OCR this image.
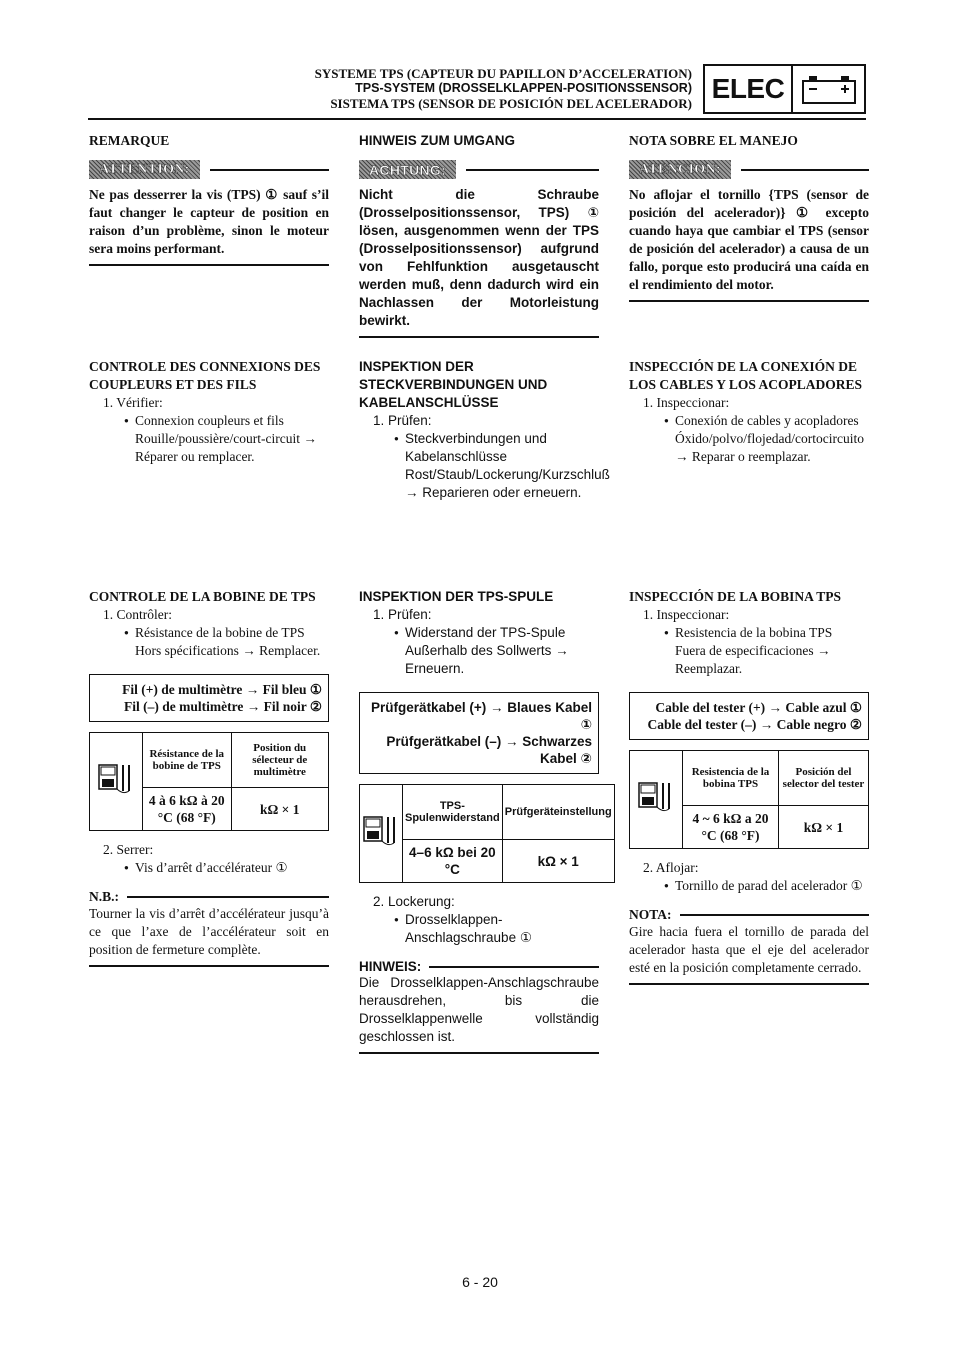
SYSTEME TPS (CAPTEUR DU PAPILLON D’ACCELERATION)
TPS-SYSTEM (DROSSELKLAPPEN-POSITIONSSENSOR)
SISTEMA TPS (SENSOR DE POSICIÓN DEL ACELERADOR) ELEC
REMARQUE
ATTENTION:
Ne pas desserrer la vis (TPS) ① sauf s’il faut changer le capteur de position en raison d’un problème, sinon le moteur sera moins performant.
CONTROLE DES CONNEXIONS DES COUPLEURS ET DES FILS
1. Vérifier:
● Connexion coupleurs et fils
Rouille/poussière/court-circuit → Réparer ou remplacer.
CONTROLE DE LA BOBINE DE TPS
1. Contrôler:
● Résistance de la bobine de TPS
Hors spécifications → Remplacer.
Fil (+) de multimètre → Fil bleu ①
Fil (–) de multimètre → Fil noir ②
	Résistance de la bobine de TPS	Position du sélecteur de multimètre
	4 à 6 kΩ à 20 °C (68 °F)	kΩ × 1
2. Serrer:
● Vis d’arrêt d’accélérateur ①
N.B.:
Tourner la vis d’arrêt d’accélérateur jusqu’à ce que l’axe de l’accélérateur soit en position de fermeture complète.
HINWEIS ZUM UMGANG
ACHTUNG:
Nicht die Schraube (Drosselpositionssensor, TPS) ① lösen, ausgenommen wenn der TPS (Drosselpositionssensor) aufgrund von Fehlfunktion ausgetauscht werden muß, denn dadurch wird ein Nachlassen der Motorleistung bewirkt.
INSPEKTION DER STECKVERBINDUNGEN UND KABELANSCHLÜSSE
1. Prüfen:
● Steckverbindungen und Kabelanschlüsse
Rost/Staub/Lockerung/Kurzschluß → Reparieren oder erneuern.
INSPEKTION DER TPS-SPULE
1. Prüfen:
● Widerstand der TPS-Spule
Außerhalb des Sollwerts → Erneuern.
Prüfgerätkabel (+) → Blaues Kabel ①
Prüfgerätkabel (–) → Schwarzes Kabel ②
	TPS-Spulenwiderstand	Prüfgeräteinstellung
	4–6 kΩ bei 20 °C	kΩ × 1
2. Lockerung:
● Drosselklappen-Anschlagschraube ①
HINWEIS:
Die Drosselklappen-Anschlagschraube herausdrehen, bis die Drosselklappenwelle vollständig geschlossen ist.
NOTA SOBRE EL MANEJO
ATENCION:
No aflojar el tornillo {TPS (sensor de posición del acelerador)} ① excepto cuando haya que cambiar el TPS (sensor de posición del acelerador) a causa de un fallo, porque esto producirá una caída en el rendimiento del motor.
INSPECCIÓN DE LA CONEXIÓN DE LOS CABLES Y LOS ACOPLADORES
1. Inspeccionar:
● Conexión de cables y acopladores
Óxido/polvo/flojedad/cortocircuito → Reparar o reemplazar.
INSPECCIÓN DE LA BOBINA TPS
1. Inspeccionar:
● Resistencia de la bobina TPS
Fuera de especificaciones → Reemplazar.
Cable del tester (+) → Cable azul ①
Cable del tester (–) → Cable negro ②
	Resistencia de la bobina TPS	Posición del selector del tester
	4 ~ 6 kΩ a 20 °C (68 °F)	kΩ × 1
2. Aflojar:
● Tornillo de parad del acelerador ①
NOTA:
Gire hacia fuera el tornillo de parada del acelerador hasta que el eje del acelerador esté en la posición completamente cerrado.
6 - 20
